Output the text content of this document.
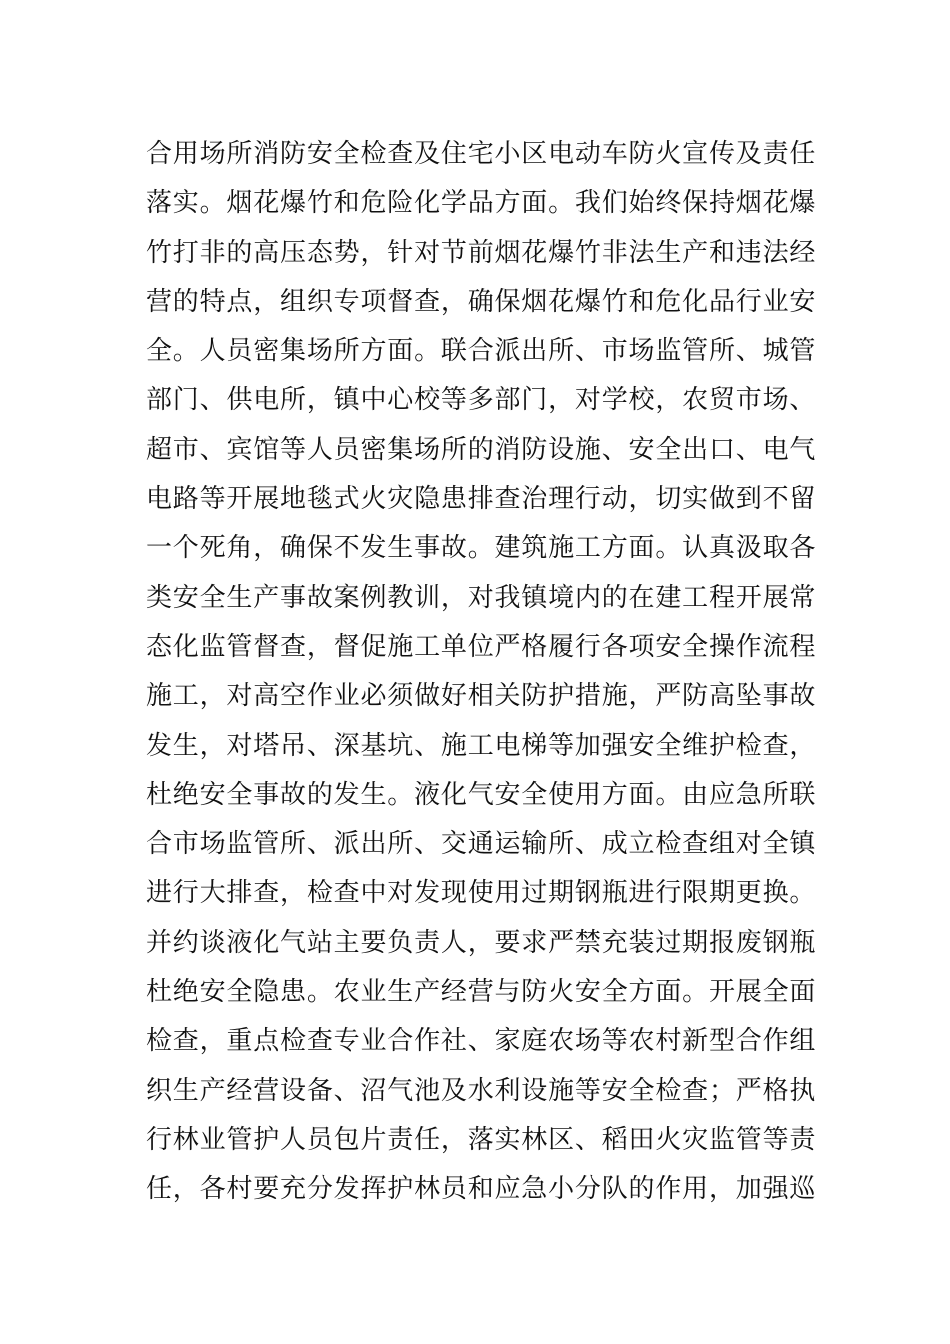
合用场所消防安全检查及住宅小区电动车防火宣传及责任
落实。烟花爆竹和危险化学品方面。我们始终保持烟花爆
竹打非的高压态势，针对节前烟花爆竹非法生产和违法经
营的特点，组织专项督查，确保烟花爆竹和危化品行业安
全。人员密集场所方面。联合派出所、市场监管所、城管
部门、供电所，镇中心校等多部门，对学校，农贸市场、
超市、宾馆等人员密集场所的消防设施、安全出口、电气
电路等开展地毯式火灾隐患排查治理行动，切实做到不留
一个死角，确保不发生事故。建筑施工方面。认真汲取各
类安全生产事故案例教训，对我镇境内的在建工程开展常
态化监管督查，督促施工单位严格履行各项安全操作流程
施工，对高空作业必须做好相关防护措施，严防高坠事故
发生，对塔吊、深基坑、施工电梯等加强安全维护检查，
杜绝安全事故的发生。液化气安全使用方面。由应急所联
合市场监管所、派出所、交通运输所、成立检查组对全镇
进行大排查，检查中对发现使用过期钢瓶进行限期更换。
并约谈液化气站主要负责人，要求严禁充装过期报废钢瓶
杜绝安全隐患。农业生产经营与防火安全方面。开展全面
检查，重点检查专业合作社、家庭农场等农村新型合作组
织生产经营设备、沼气池及水利设施等安全检查；严格执
行林业管护人员包片责任，落实林区、稻田火灾监管等责
任，各村要充分发挥护林员和应急小分队的作用，加强巡
